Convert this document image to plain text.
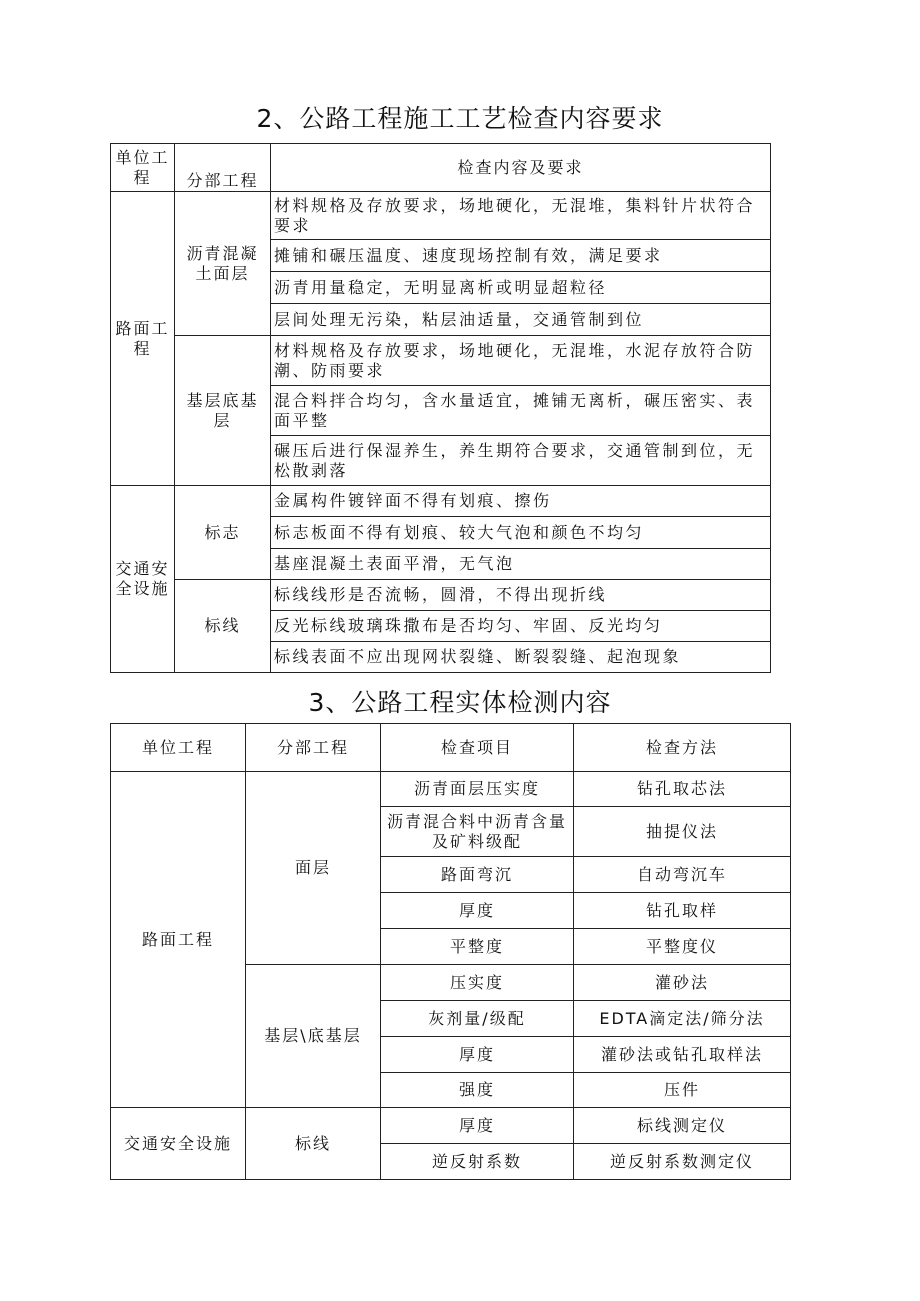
2、公路工程施工工艺检查内容要求
单位工程	分部工程	检查内容及要求
路面工程	沥青混凝土面层	材料规格及存放要求，场地硬化，无混堆，集料针片状符合要求
		摊铺和碾压温度、速度现场控制有效，满足要求
		沥青用量稳定，无明显离析或明显超粒径
		层间处理无污染，粘层油适量，交通管制到位
	基层底基层	材料规格及存放要求，场地硬化，无混堆，水泥存放符合防潮、防雨要求
		混合料拌合均匀，含水量适宜，摊铺无离析，碾压密实、表面平整
		碾压后进行保湿养生，养生期符合要求，交通管制到位，无松散剥落
交通安全设施	标志	金属构件镀锌面不得有划痕、擦伤
		标志板面不得有划痕、较大气泡和颜色不均匀
		基座混凝土表面平滑，无气泡
	标线	标线线形是否流畅，圆滑，不得出现折线
		反光标线玻璃珠撒布是否均匀、牢固、反光均匀
		标线表面不应出现网状裂缝、断裂裂缝、起泡现象
3、公路工程实体检测内容
单位工程	分部工程	检查项目	检查方法
路面工程	面层	沥青面层压实度	钻孔取芯法
		沥青混合料中沥青含量及矿料级配	抽提仪法
		路面弯沉	自动弯沉车
		厚度	钻孔取样
		平整度	平整度仪
	基层\底基层	压实度	灌砂法
		灰剂量/级配	EDTA滴定法/筛分法
		厚度	灌砂法或钻孔取样法
		强度	压件
交通安全设施	标线	厚度	标线测定仪
		逆反射系数	逆反射系数测定仪
